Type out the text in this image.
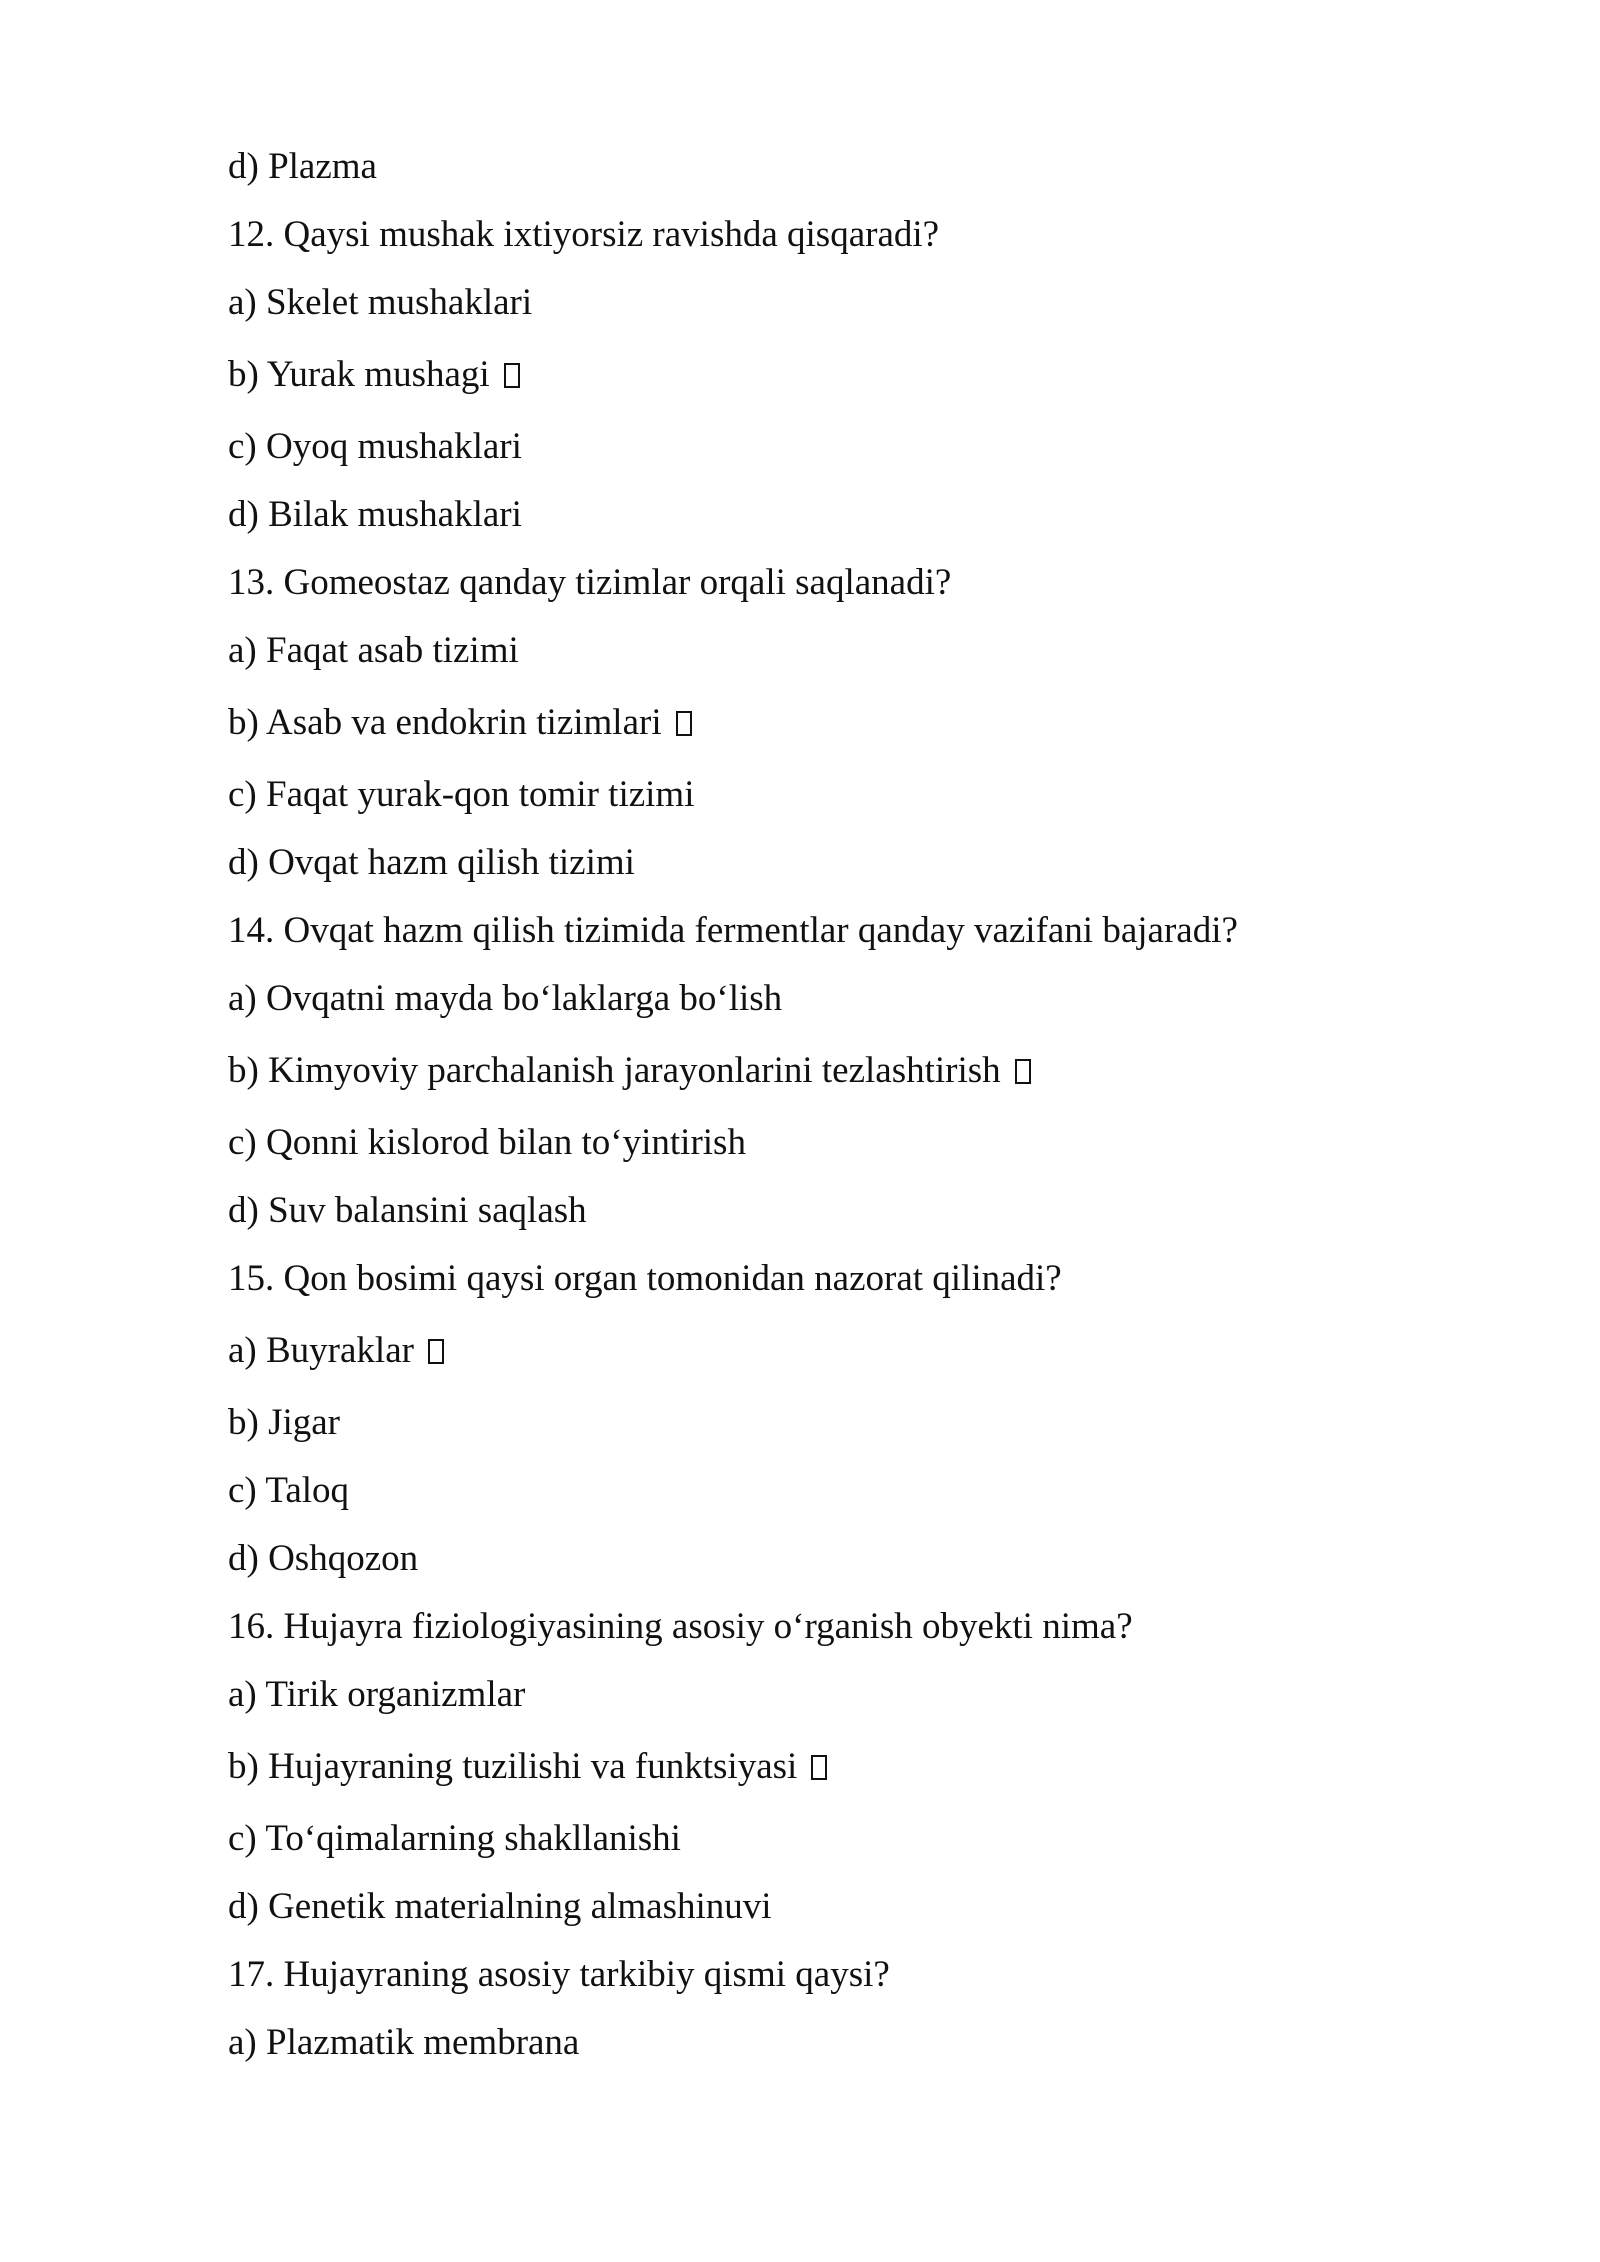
d) Plazma
12. Qaysi mushak ixtiyorsiz ravishda qisqaradi?
a) Skelet mushaklari
b) Yurak mushagi
c) Oyoq mushaklari
d) Bilak mushaklari
13. Gomeostaz qanday tizimlar orqali saqlanadi?
a) Faqat asab tizimi
b) Asab va endokrin tizimlari
c) Faqat yurak-qon tomir tizimi
d) Ovqat hazm qilish tizimi
14. Ovqat hazm qilish tizimida fermentlar qanday vazifani bajaradi?
a) Ovqatni mayda bo‘laklarga bo‘lish
b) Kimyoviy parchalanish jarayonlarini tezlashtirish
c) Qonni kislorod bilan to‘yintirish
d) Suv balansini saqlash
15. Qon bosimi qaysi organ tomonidan nazorat qilinadi?
a) Buyraklar
b) Jigar
c) Taloq
d) Oshqozon
16. Hujayra fiziologiyasining asosiy o‘rganish obyekti nima?
a) Tirik organizmlar
b) Hujayraning tuzilishi va funktsiyasi
c) To‘qimalarning shakllanishi
d) Genetik materialning almashinuvi
17. Hujayraning asosiy tarkibiy qismi qaysi?
a) Plazmatik membrana
